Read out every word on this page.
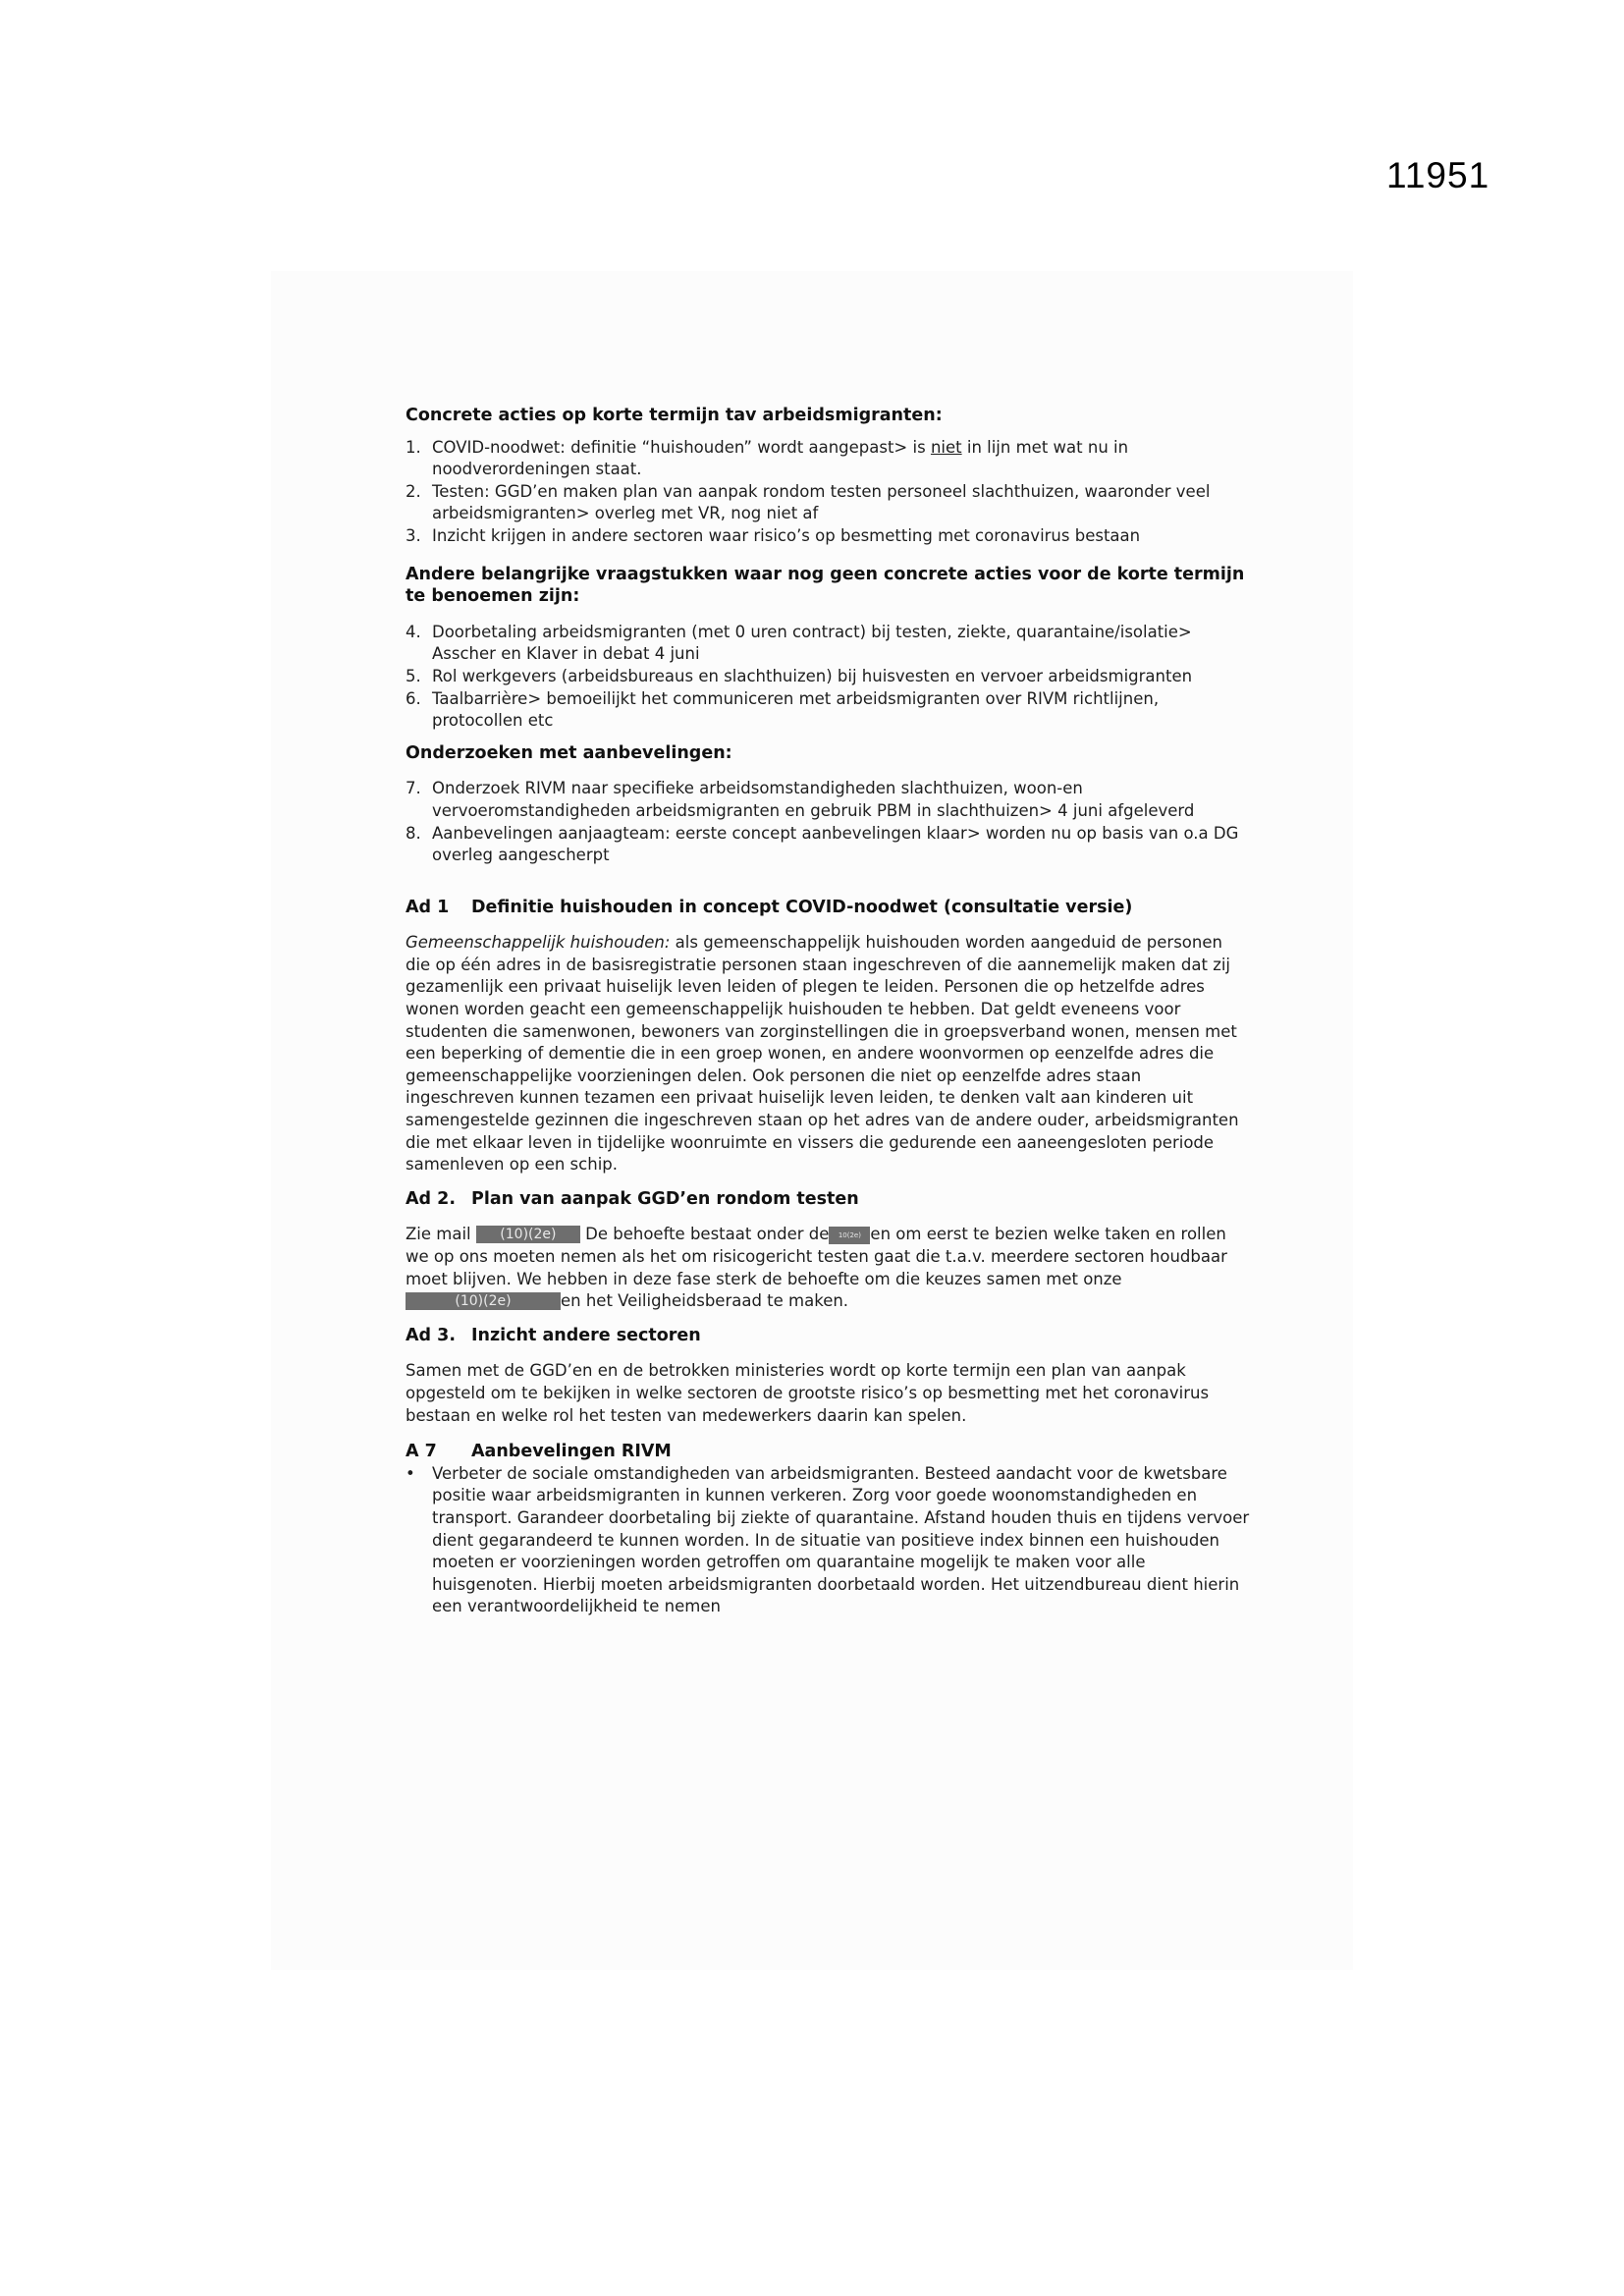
11951
Concrete acties op korte termijn tav arbeidsmigranten:
1. COVID-noodwet: definitie “huishouden” wordt aangepast> is niet in lijn met wat nu in noodverordeningen staat.
2. Testen: GGD’en maken plan van aanpak rondom testen personeel slachthuizen, waaronder veel arbeidsmigranten> overleg met VR, nog niet af
3. Inzicht krijgen in andere sectoren waar risico’s op besmetting met coronavirus bestaan
Andere belangrijke vraagstukken waar nog geen concrete acties voor de korte termijn te benoemen zijn:
4. Doorbetaling arbeidsmigranten (met 0 uren contract) bij testen, ziekte, quarantaine/isolatie> Asscher en Klaver in debat 4 juni
5. Rol werkgevers (arbeidsbureaus en slachthuizen) bij huisvesten en vervoer arbeidsmigranten
6. Taalbarrière> bemoeilijkt het communiceren met arbeidsmigranten over RIVM richtlijnen, protocollen etc
Onderzoeken met aanbevelingen:
7. Onderzoek RIVM naar specifieke arbeidsomstandigheden slachthuizen, woon-en vervoeromstandigheden arbeidsmigranten en gebruik PBM in slachthuizen> 4 juni afgeleverd
8. Aanbevelingen aanjaagteam: eerste concept aanbevelingen klaar> worden nu op basis van o.a DG overleg aangescherpt
Ad 1	Definitie huishouden in concept COVID-noodwet (consultatie versie)

Gemeenschappelijk huishouden: als gemeenschappelijk huishouden worden aangeduid de personen die op één adres in de basisregistratie personen staan ingeschreven of die aannemelijk maken dat zij gezamenlijk een privaat huiselijk leven leiden of plegen te leiden. Personen die op hetzelfde adres wonen worden geacht een gemeenschappelijk huishouden te hebben. Dat geldt eveneens voor studenten die samenwonen, bewoners van zorginstellingen die in groepsverband wonen, mensen met een beperking of dementie die in een groep wonen, en andere woonvormen op eenzelfde adres die gemeenschappelijke voorzieningen delen. Ook personen die niet op eenzelfde adres staan ingeschreven kunnen tezamen een privaat huiselijk leven leiden, te denken valt aan kinderen uit samengestelde gezinnen die ingeschreven staan op het adres van de andere ouder, arbeidsmigranten die met elkaar leven in tijdelijke woonruimte en vissers die gedurende een aaneengesloten periode samenleven op een schip.

Ad 2. Plan van aanpak GGD’en rondom testen

Zie mail (10)(2e) De behoefte bestaat onder de 10(2e) en om eerst te bezien welke taken en rollen we op ons moeten nemen als het om risicogericht testen gaat die t.a.v. meerdere sectoren houdbaar moet blijven. We hebben in deze fase sterk de behoefte om die keuzes samen met onze (10)(2e)	en het Veiligheidsberaad te maken.

Ad 3. Inzicht andere sectoren

Samen met de GGD’en en de betrokken ministeries wordt op korte termijn een plan van aanpak opgesteld om te bekijken in welke sectoren de grootste risico’s op besmetting met het coronavirus bestaan en welke rol het testen van medewerkers daarin kan spelen.

A 7	Aanbevelingen RIVM
•	Verbeter de sociale omstandigheden van arbeidsmigranten. Besteed aandacht voor de kwetsbare positie waar arbeidsmigranten in kunnen verkeren. Zorg voor goede woonomstandigheden en transport. Garandeer doorbetaling bij ziekte of quarantaine. Afstand houden thuis en tijdens vervoer dient gegarandeerd te kunnen worden. In de situatie van positieve index binnen een huishouden moeten er voorzieningen worden getroffen om quarantaine mogelijk te maken voor alle huisgenoten. Hierbij moeten arbeidsmigranten doorbetaald worden. Het uitzendbureau dient hierin een verantwoordelijkheid te nemen
